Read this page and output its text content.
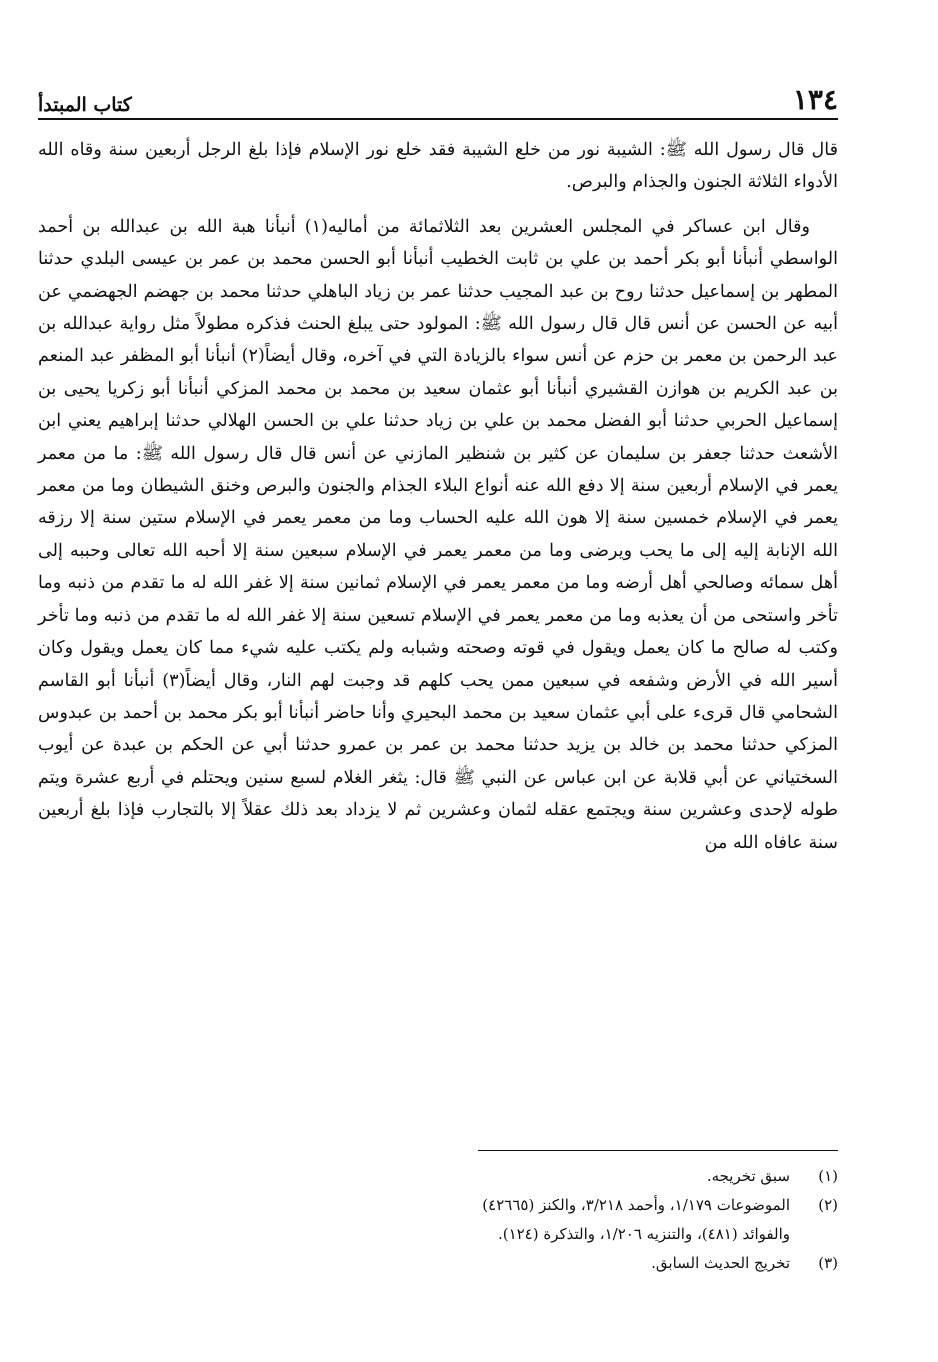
١٣٤
كتاب المبتدأ

قال قال رسول الله ﷺ: الشيبة نور من خلع الشيبة فقد خلع نور الإسلام فإذا بلغ الرجل أربعين سنة وقاه الله الأدواء الثلاثة الجنون والجذام والبرص.

وقال ابن عساكر في المجلس العشرين بعد الثلاثمائة من أماليه(١) أنبأنا هبة الله بن عبدالله بن أحمد الواسطي أنبأنا أبو بكر أحمد بن علي بن ثابت الخطيب أنبأنا أبو الحسن محمد بن عمر بن عيسى البلدي حدثنا المطهر بن إسماعيل حدثنا روح بن عبد المجيب حدثنا عمر بن زياد الباهلي حدثنا محمد بن جهضم الجهضمي عن أبيه عن الحسن عن أنس قال قال رسول الله ﷺ: المولود حتى يبلغ الحنث فذكره مطولاً مثل رواية عبدالله بن عبد الرحمن بن معمر بن حزم عن أنس سواء بالزيادة التي في آخره، وقال أيضاً(٢) أنبأنا أبو المظفر عبد المنعم بن عبد الكريم بن هوازن القشيري أنبأنا أبو عثمان سعيد بن محمد بن محمد المزكي أنبأنا أبو زكريا يحيى بن إسماعيل الحربي حدثنا أبو الفضل محمد بن علي بن زياد حدثنا علي بن الحسن الهلالي حدثنا إبراهيم يعني ابن الأشعث حدثنا جعفر بن سليمان عن كثير بن شنظير المازني عن أنس قال قال رسول الله ﷺ: ما من معمر يعمر في الإسلام أربعين سنة إلا دفع الله عنه أنواع البلاء الجذام والجنون والبرص وخنق الشيطان وما من معمر يعمر في الإسلام خمسين سنة إلا هون الله عليه الحساب وما من معمر يعمر في الإسلام ستين سنة إلا رزقه الله الإنابة إليه إلى ما يحب ويرضى وما من معمر يعمر في الإسلام سبعين سنة إلا أحبه الله تعالى وحببه إلى أهل سمائه وصالحي أهل أرضه وما من معمر يعمر في الإسلام ثمانين سنة إلا غفر الله له ما تقدم من ذنبه وما تأخر واستحى من أن يعذبه وما من معمر يعمر في الإسلام تسعين سنة إلا غفر الله له ما تقدم من ذنبه وما تأخر وكتب له صالح ما كان يعمل ويقول في قوته وصحته وشبابه ولم يكتب عليه شيء مما كان يعمل ويقول وكان أسير الله في الأرض وشفعه في سبعين ممن يحب كلهم قد وجبت لهم النار، وقال أيضاً(٣) أنبأنا أبو القاسم الشحامي قال قرىء على أبي عثمان سعيد بن محمد البحيري وأنا حاضر أنبأنا أبو بكر محمد بن أحمد بن عبدوس المزكي حدثنا محمد بن خالد بن يزيد حدثنا محمد بن عمر بن عمرو حدثنا أبي عن الحكم بن عبدة عن أيوب السختياني عن أبي قلابة عن ابن عباس عن النبي ﷺ قال: يثغر الغلام لسبع سنين ويحتلم في أربع عشرة ويتم طوله لإحدى وعشرين سنة ويجتمع عقله لثمان وعشرين ثم لا يزداد بعد ذلك عقلاً إلا بالتجارب فإذا بلغ أربعين سنة عافاه الله من

(١)
سبق تخريجه.
(٢)
الموضوعات ١/١٧٩، وأحمد ٣/٢١٨، والكنز (٤٢٦٦٥)
والفوائد (٤٨١)، والتنزيه ١/٢٠٦، والتذكرة (١٢٤).
(٣)
تخريج الحديث السابق.
